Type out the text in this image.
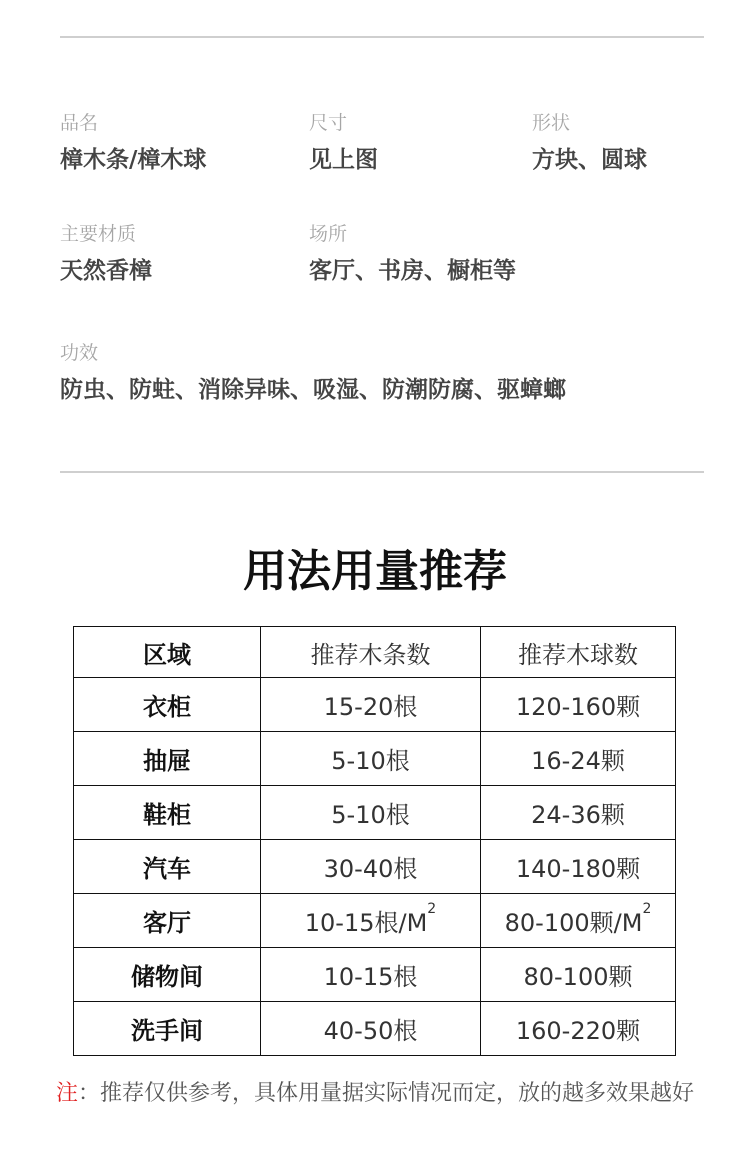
品名
樟木条/樟木球
尺寸
见上图
形状
方块、圆球
主要材质
天然香樟
场所
客厅、书房、橱柜等
功效
防虫、防蛀、消除异味、吸湿、防潮防腐、驱蟑螂
用法用量推荐
区域	推荐木条数	推荐木球数
衣柜	15-20根	120-160颗
抽屉	5-10根	16-24颗
鞋柜	5-10根	24-36颗
汽车	30-40根	140-180颗
客厅	10-15根$/M^2$	80-100颗$/M^2$
储物间	10-15根	80-100颗
洗手间	40-50根	160-220颗
注：推荐仅供参考，具体用量据实际情况而定，放的越多效果越好
